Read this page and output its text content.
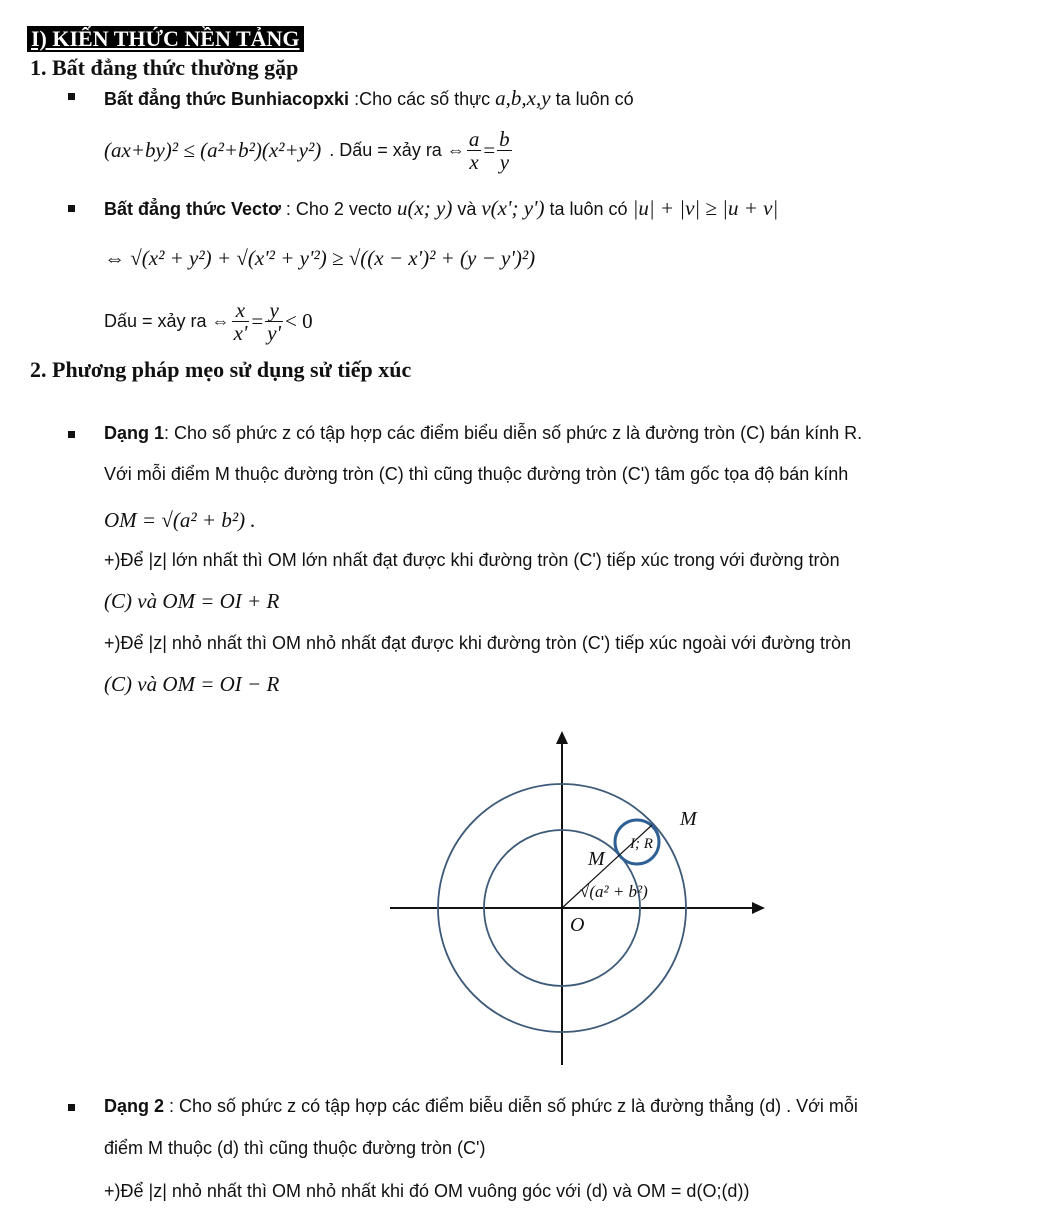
I) KIẾN THỨC NỀN TẢNG
1. Bất đẳng thức thường gặp
Bất đẳng thức Bunhiacopxki :Cho các số thực a,b,x,y ta luôn có
(ax+by)² ≤ (a²+b²)(x²+y²) . Dấu = xảy ra ⇔ $\frac{a}{x} = \frac{b}{y}$
Bất đẳng thức Vectơ : Cho 2 vecto u(x; y) và v(x'; y') ta luôn có |u| + |v| ≥ |u + v|
⇔ √(x² + y²) + √(x'² + y'²) ≥ √((x − x')² + (y − y')²)
Dấu = xảy ra ⇔ $\frac{x}{x'} = \frac{y}{y'} < 0$
2. Phương pháp mẹo sử dụng sử tiếp xúc
Dạng 1: Cho số phức z có tập hợp các điểm biểu diễn số phức z là đường tròn (C) bán kính R.
Với mỗi điểm M thuộc đường tròn (C) thì cũng thuộc đường tròn (C') tâm gốc tọa độ bán kính
OM = √(a² + b²) .
+)Để |z| lớn nhất thì OM lớn nhất đạt được khi đường tròn (C') tiếp xúc trong với đường tròn
(C) và OM = OI + R
+)Để |z| nhỏ nhất thì OM nhỏ nhất đạt được khi đường tròn (C') tiếp xúc ngoài với đường tròn
(C) và OM = OI − R
M
M
I; R
√(a² + b²)
O
Dạng 2 : Cho số phức z có tập hợp các điểm biễu diễn số phức z là đường thẳng (d) . Với mỗi
điểm M thuộc (d) thì cũng thuộc đường tròn (C')
+)Để |z| nhỏ nhất thì OM nhỏ nhất khi đó OM vuông góc với (d) và OM = d(O;(d))
